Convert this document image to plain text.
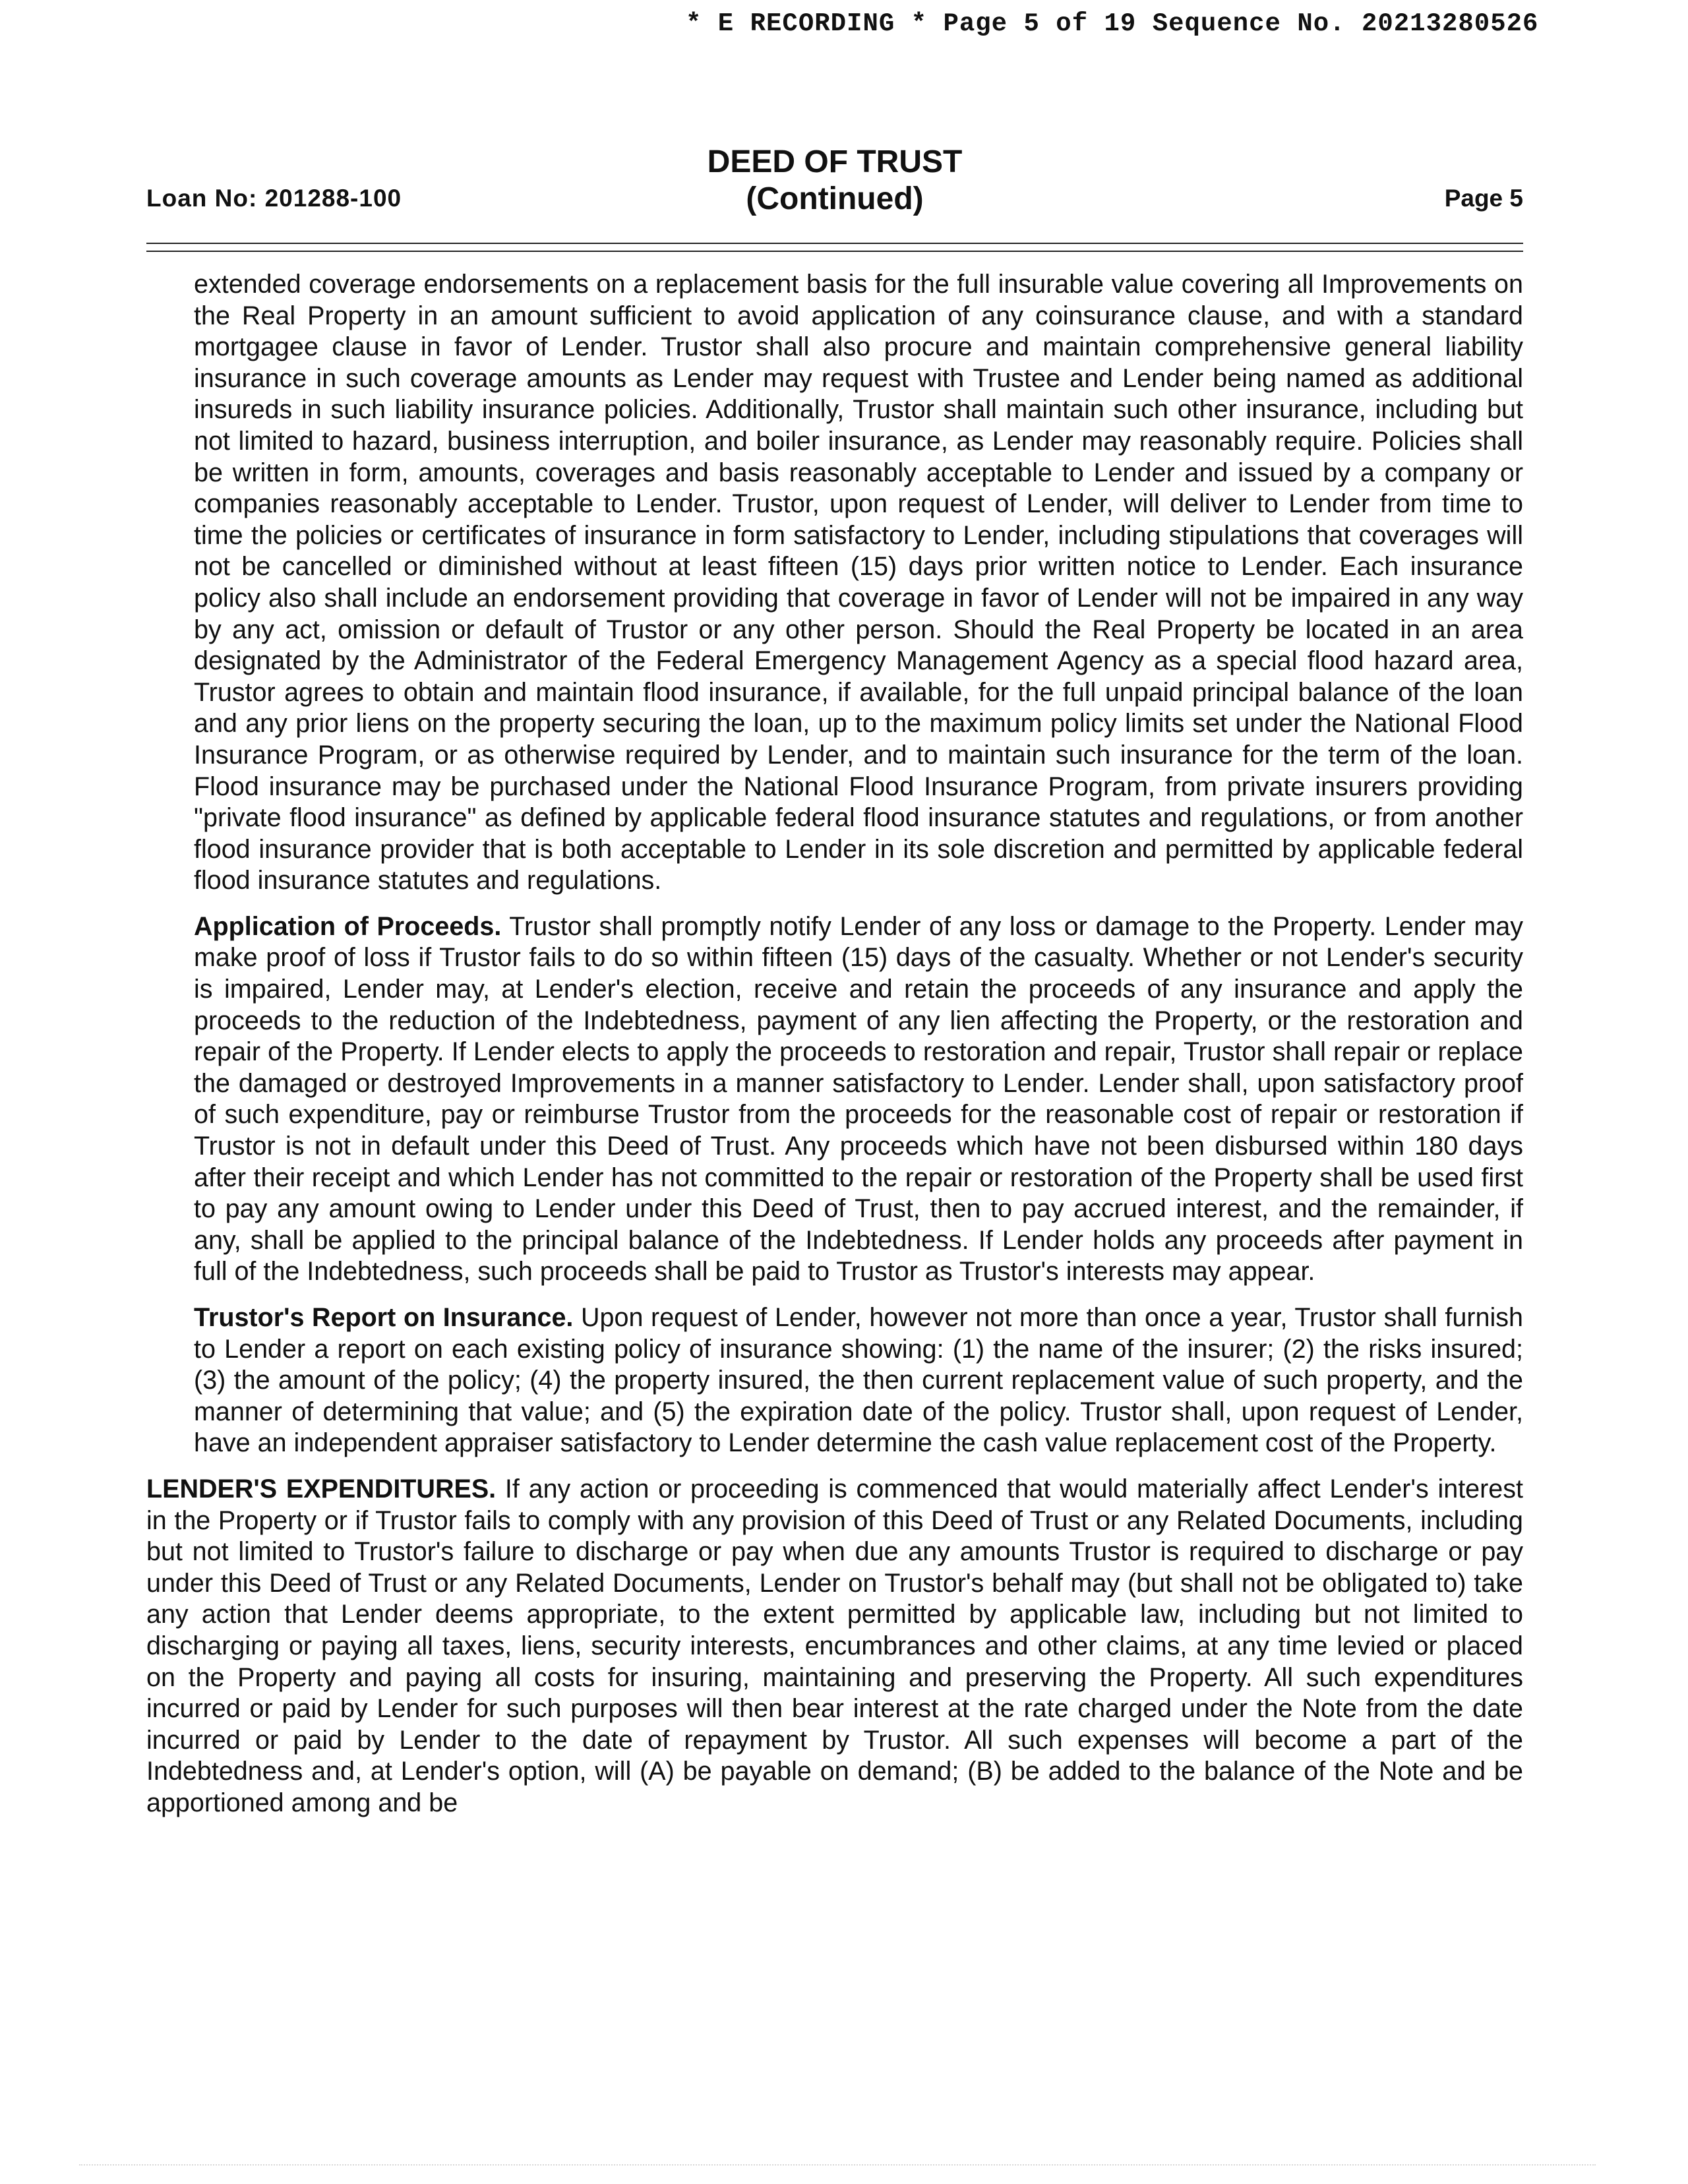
* E RECORDING * Page 5 of 19 Sequence No. 20213280526
Loan No: 201288-100
DEED OF TRUST
(Continued)	Page 5

extended coverage endorsements on a replacement basis for the full insurable value covering all Improvements on the Real Property in an amount sufficient to avoid application of any coinsurance clause, and with a standard mortgagee clause in favor of Lender. Trustor shall also procure and maintain comprehensive general liability insurance in such coverage amounts as Lender may request with Trustee and Lender being named as additional insureds in such liability insurance policies. Additionally, Trustor shall maintain such other insurance, including but not limited to hazard, business interruption, and boiler insurance, as Lender may reasonably require. Policies shall be written in form, amounts, coverages and basis reasonably acceptable to Lender and issued by a company or companies reasonably acceptable to Lender. Trustor, upon request of Lender, will deliver to Lender from time to time the policies or certificates of insurance in form satisfactory to Lender, including stipulations that coverages will not be cancelled or diminished without at least fifteen (15) days prior written notice to Lender. Each insurance policy also shall include an endorsement providing that coverage in favor of Lender will not be impaired in any way by any act, omission or default of Trustor or any other person. Should the Real Property be located in an area designated by the Administrator of the Federal Emergency Management Agency as a special flood hazard area, Trustor agrees to obtain and maintain flood insurance, if available, for the full unpaid principal balance of the loan and any prior liens on the property securing the loan, up to the maximum policy limits set under the National Flood Insurance Program, or as otherwise required by Lender, and to maintain such insurance for the term of the loan. Flood insurance may be purchased under the National Flood Insurance Program, from private insurers providing "private flood insurance" as defined by applicable federal flood insurance statutes and regulations, or from another flood insurance provider that is both acceptable to Lender in its sole discretion and permitted by applicable federal flood insurance statutes and regulations.

Application of Proceeds. Trustor shall promptly notify Lender of any loss or damage to the Property. Lender may make proof of loss if Trustor fails to do so within fifteen (15) days of the casualty. Whether or not Lender's security is impaired, Lender may, at Lender's election, receive and retain the proceeds of any insurance and apply the proceeds to the reduction of the Indebtedness, payment of any lien affecting the Property, or the restoration and repair of the Property. If Lender elects to apply the proceeds to restoration and repair, Trustor shall repair or replace the damaged or destroyed Improvements in a manner satisfactory to Lender. Lender shall, upon satisfactory proof of such expenditure, pay or reimburse Trustor from the proceeds for the reasonable cost of repair or restoration if Trustor is not in default under this Deed of Trust. Any proceeds which have not been disbursed within 180 days after their receipt and which Lender has not committed to the repair or restoration of the Property shall be used first to pay any amount owing to Lender under this Deed of Trust, then to pay accrued interest, and the remainder, if any, shall be applied to the principal balance of the Indebtedness. If Lender holds any proceeds after payment in full of the Indebtedness, such proceeds shall be paid to Trustor as Trustor's interests may appear.

Trustor's Report on Insurance. Upon request of Lender, however not more than once a year, Trustor shall furnish to Lender a report on each existing policy of insurance showing: (1) the name of the insurer; (2) the risks insured; (3) the amount of the policy; (4) the property insured, the then current replacement value of such property, and the manner of determining that value; and (5) the expiration date of the policy. Trustor shall, upon request of Lender, have an independent appraiser satisfactory to Lender determine the cash value replacement cost of the Property.

LENDER'S EXPENDITURES. If any action or proceeding is commenced that would materially affect Lender's interest in the Property or if Trustor fails to comply with any provision of this Deed of Trust or any Related Documents, including but not limited to Trustor's failure to discharge or pay when due any amounts Trustor is required to discharge or pay under this Deed of Trust or any Related Documents, Lender on Trustor's behalf may (but shall not be obligated to) take any action that Lender deems appropriate, to the extent permitted by applicable law, including but not limited to discharging or paying all taxes, liens, security interests, encumbrances and other claims, at any time levied or placed on the Property and paying all costs for insuring, maintaining and preserving the Property. All such expenditures incurred or paid by Lender for such purposes will then bear interest at the rate charged under the Note from the date incurred or paid by Lender to the date of repayment by Trustor. All such expenses will become a part of the Indebtedness and, at Lender's option, will (A) be payable on demand; (B) be added to the balance of the Note and be apportioned among and be
